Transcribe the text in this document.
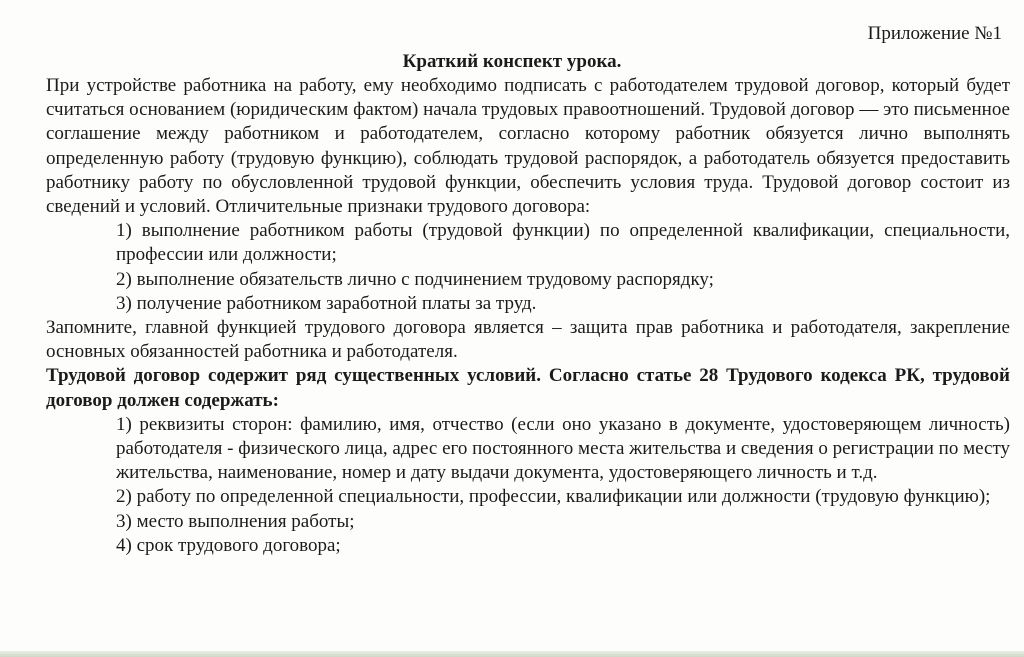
Приложение №1
Краткий конспект урока.

При устройстве работника на работу, ему необходимо подписать с работодателем трудовой договор, который будет считаться основанием (юридическим фактом) начала трудовых правоотношений. Трудовой договор — это письменное соглашение между работником и работодателем, согласно которому работник обязуется лично выполнять определенную работу (трудовую функцию), соблюдать трудовой распорядок, а работодатель обязуется предоставить работнику работу по обусловленной трудовой функции, обеспечить условия труда. Трудовой договор состоит из сведений и условий. Отличительные признаки трудового договора:

1) выполнение работником работы (трудовой функции) по определенной квалификации, специальности, профессии или должности;

2) выполнение обязательств лично с подчинением трудовому распорядку;

3) получение работником заработной платы за труд.

Запомните, главной функцией трудового договора является – защита прав работника и работодателя, закрепление основных обязанностей работника и работодателя.

Трудовой договор содержит ряд существенных условий. Согласно статье 28 Трудового кодекса РК, трудовой договор должен содержать:

1) реквизиты сторон: фамилию, имя, отчество (если оно указано в документе, удостоверяющем личность) работодателя - физического лица, адрес его постоянного места жительства и сведения о регистрации по месту жительства, наименование, номер и дату выдачи документа, удостоверяющего личность и т.д.

2) работу по определенной специальности, профессии, квалификации или должности (трудовую функцию);

3) место выполнения работы;

4) срок трудового договора;
